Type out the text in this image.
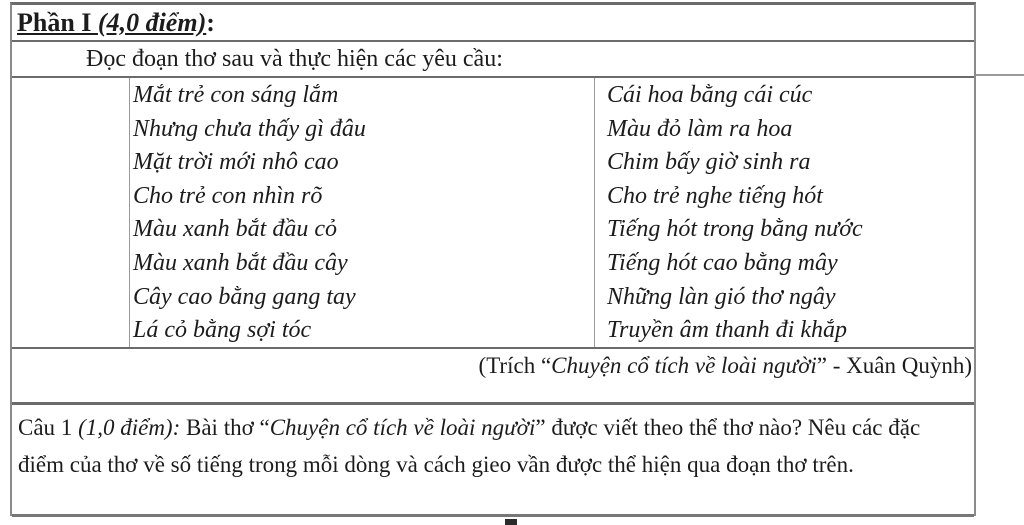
Phần I (4,0 điểm):
Đọc đoạn thơ sau và thực hiện các yêu cầu:
Mắt trẻ con sáng lắm
Nhưng chưa thấy gì đâu
Mặt trời mới nhô cao
Cho trẻ con nhìn rõ
Màu xanh bắt đầu cỏ
Màu xanh bắt đầu cây
Cây cao bằng gang tay
Lá cỏ bằng sợi tóc
Cái hoa bằng cái cúc
Màu đỏ làm ra hoa
Chim bấy giờ sinh ra
Cho trẻ nghe tiếng hót
Tiếng hót trong bằng nước
Tiếng hót cao bằng mây
Những làn gió thơ ngây
Truyền âm thanh đi khắp
(Trích “Chuyện cổ tích về loài người” - Xuân Quỳnh)
Câu 1 (1,0 điểm): Bài thơ “Chuyện cổ tích về loài người” được viết theo thể thơ nào? Nêu các đặc điểm của thơ về số tiếng trong mỗi dòng và cách gieo vần được thể hiện qua đoạn thơ trên.
